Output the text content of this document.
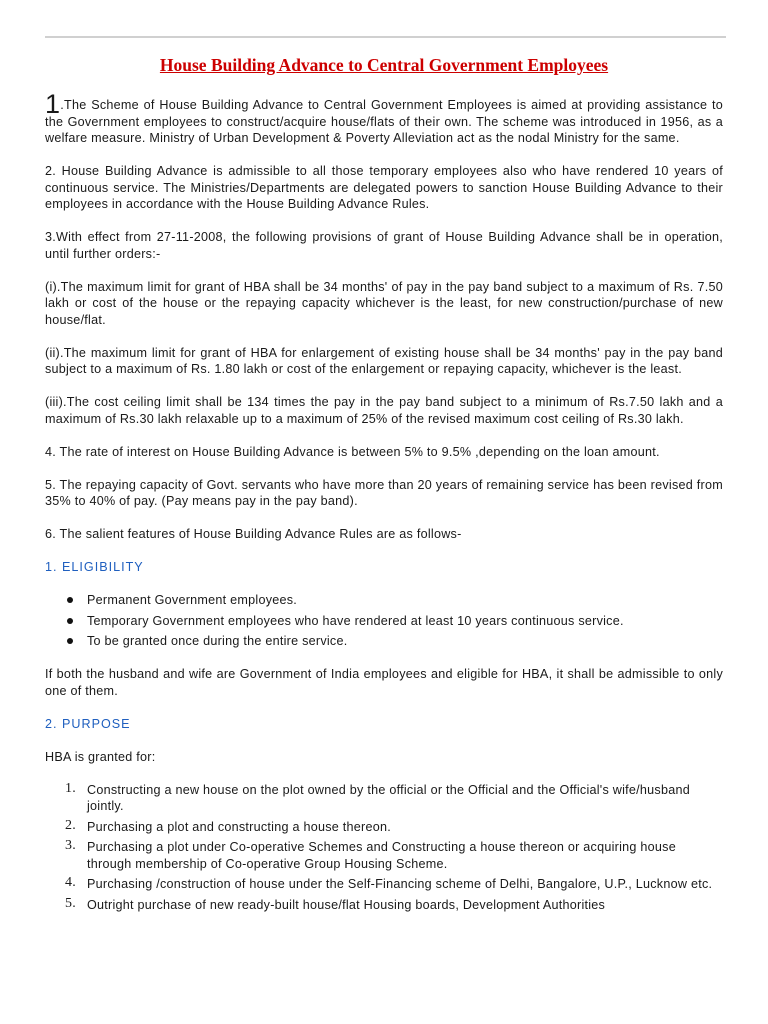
House Building Advance to Central Government Employees

1.The Scheme of House Building Advance to Central Government Employees is aimed at providing assistance to the Government employees to construct/acquire house/flats of their own. The scheme was introduced in 1956, as a welfare measure. Ministry of Urban Development & Poverty Alleviation act as the nodal Ministry for the same.

2. House Building Advance is admissible to all those temporary employees also who have rendered 10 years of continuous service. The Ministries/Departments are delegated powers to sanction House Building Advance to their employees in accordance with the House Building Advance Rules.

3.With effect from 27-11-2008, the following provisions of grant of House Building Advance shall be in operation, until further orders:-

(i).The maximum limit for grant of HBA shall be 34 months' of pay in the pay band subject to a maximum of Rs. 7.50 lakh or cost of the house or the repaying capacity whichever is the least, for new construction/purchase of new house/flat.

(ii).The maximum limit for grant of HBA for enlargement of existing house shall be 34 months' pay in the pay band subject to a maximum of Rs. 1.80 lakh or cost of the enlargement or repaying capacity, whichever is the least.

(iii).The cost ceiling limit shall be 134 times the pay in the pay band subject to a minimum of Rs.7.50 lakh and a maximum of Rs.30 lakh relaxable up to a maximum of 25% of the revised maximum cost ceiling of Rs.30 lakh.

4. The rate of interest on House Building Advance is between 5% to 9.5% ,depending on the loan amount.

5. The repaying capacity of Govt. servants who have more than 20 years of remaining service has been revised from 35% to 40% of pay. (Pay means pay in the pay band).

6. The salient features of House Building Advance Rules are as follows-

1. ELIGIBILITY
Permanent Government employees.
Temporary Government employees who have rendered at least 10 years continuous service.
To be granted once during the entire service.

If both the husband and wife are Government of India employees and eligible for HBA, it shall be admissible to only one of them.

2. PURPOSE

HBA is granted for:

1. Constructing a new house on the plot owned by the official or the Official and the Official's wife/husband jointly.
2. Purchasing a plot and constructing a house thereon.
3. Purchasing a plot under Co-operative Schemes and Constructing a house thereon or acquiring house through membership of Co-operative Group Housing Scheme.
4. Purchasing /construction of house under the Self-Financing scheme of Delhi, Bangalore, U.P., Lucknow etc.
5. Outright purchase of new ready-built house/flat Housing boards, Development Authorities
